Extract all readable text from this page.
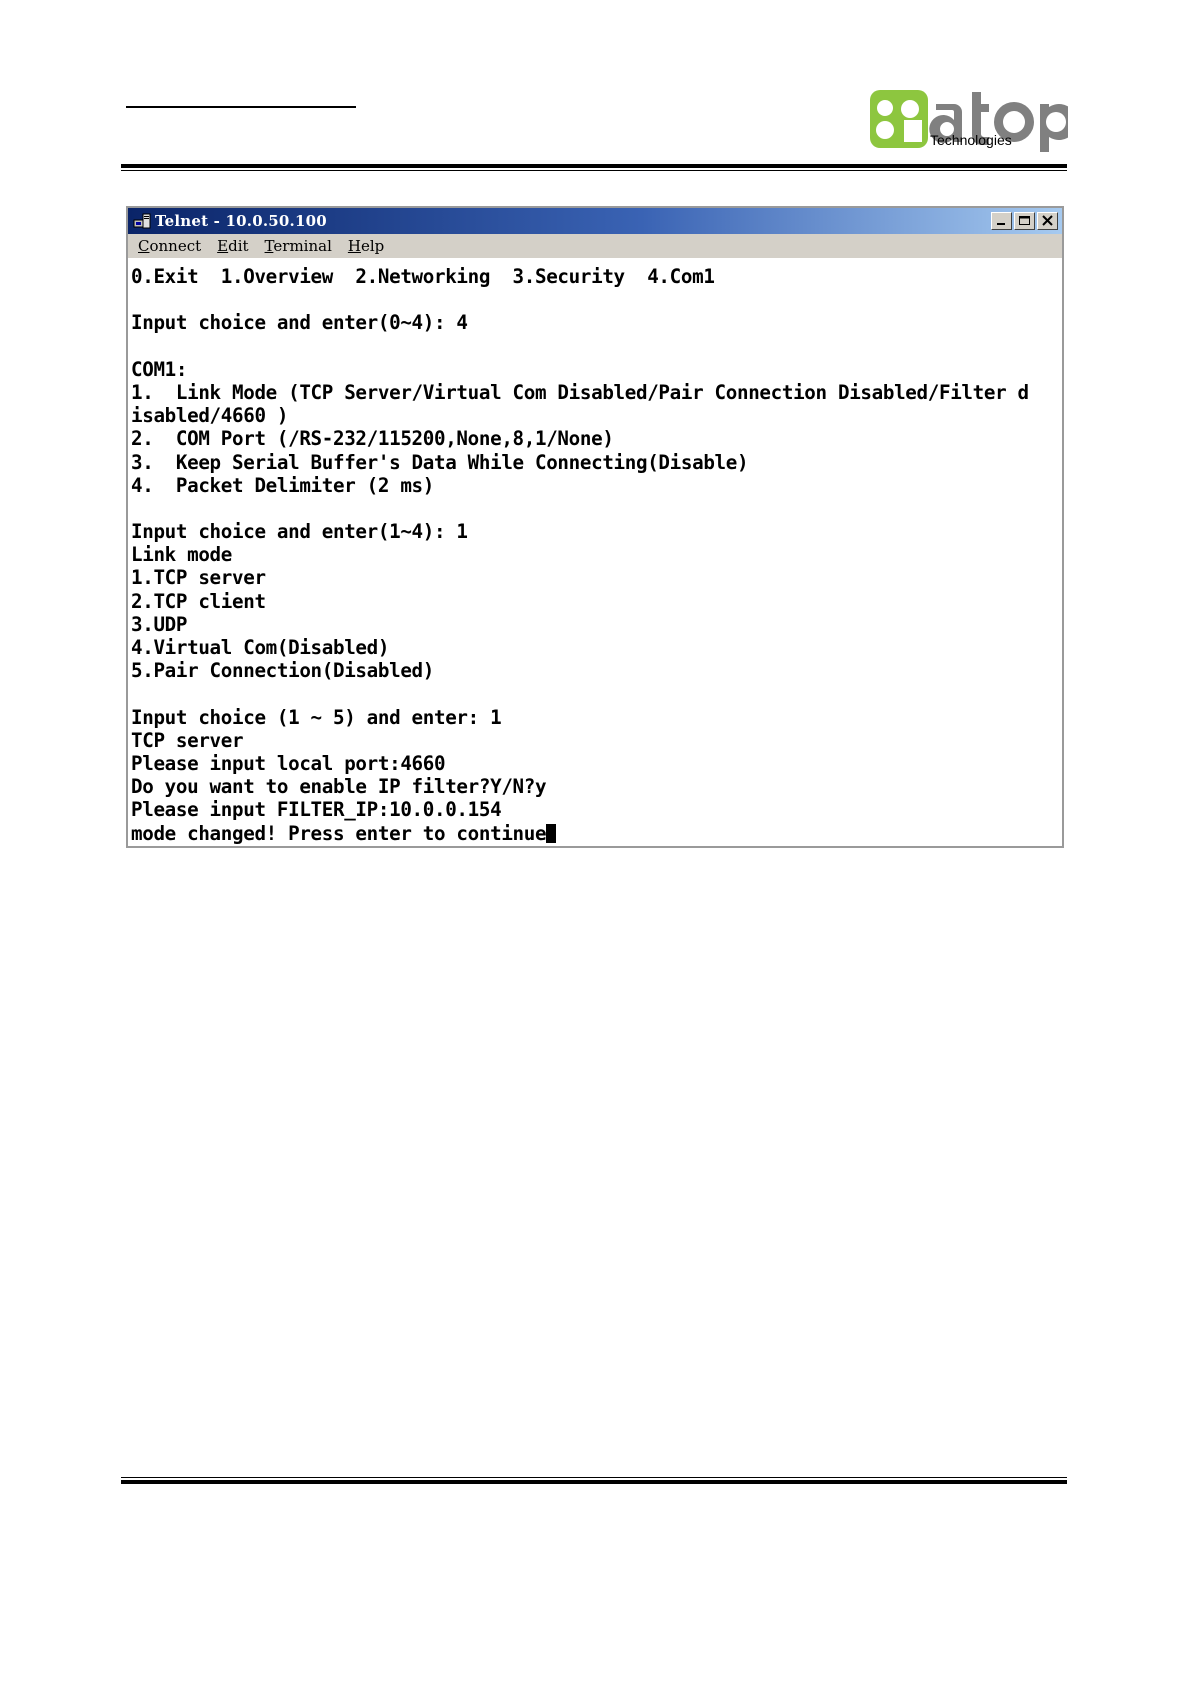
Technologies
Telnet - 10.0.50.100
Connect Edit Terminal Help
0.Exit  1.Overview  2.Networking  3.Security  4.Com1
Input choice and enter(0~4): 4
COM1:
1.  Link Mode (TCP Server/Virtual Com Disabled/Pair Connection Disabled/Filter d
isabled/4660 )
2.  COM Port (/RS-232/115200,None,8,1/None)
3.  Keep Serial Buffer's Data While Connecting(Disable)
4.  Packet Delimiter (2 ms)
Input choice and enter(1~4): 1
Link mode
1.TCP server
2.TCP client
3.UDP
4.Virtual Com(Disabled)
5.Pair Connection(Disabled)
Input choice (1 ~ 5) and enter: 1
TCP server
Please input local port:4660
Do you want to enable IP filter?Y/N?y
Please input FILTER_IP:10.0.0.154
mode changed! Press enter to continue
